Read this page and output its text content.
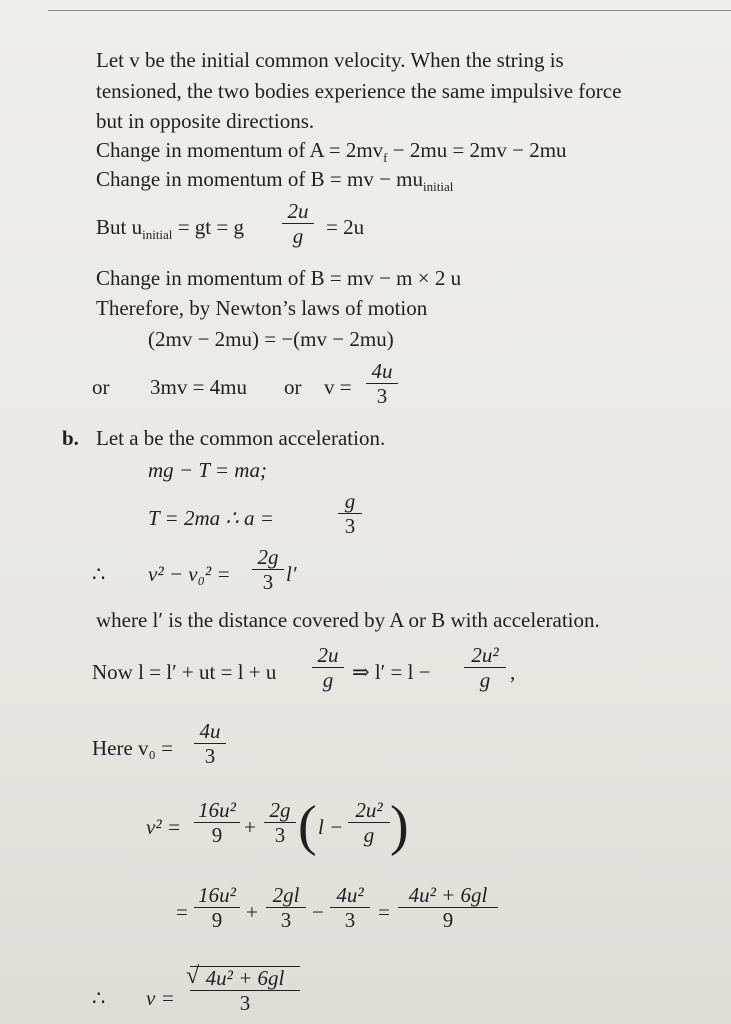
Let v be the initial common velocity. When the string is
tensioned, the two bodies experience the same impulsive force
but in opposite directions.
Change in momentum of $A = 2mv_f - 2mu = 2mv - 2mu$
Change in momentum of B = mv − $mu_{initial}$
But $u_{initial}$ = gt = g
2u
g	= 2u
Change in momentum of B = mv − m × 2 u
Therefore, by Newton’s laws of motion
(2mv − 2mu) = −(mv − 2mu)
or 3mv = 4mu or v =
4u
3
b. Let a be the common acceleration.
mg − T = ma;
T = 2ma ∴ a =
g
3
∴ v² − v₀² =
2g
3 l′
where l′ is the distance covered by A or B with acceleration.
Now l = l′ + ut = l + u
2u
g ⇒ l′ = l −
2u²
g ,
Here v₀ =
4u
3
v² =
16u²
9	+
2g
3 ( l −
2u²
g )
=
16u²
9	+
2gl
3 −
4u²
3	=
4u² + 6gl
9
∴ v =
√ 4u² + 6gl
3
